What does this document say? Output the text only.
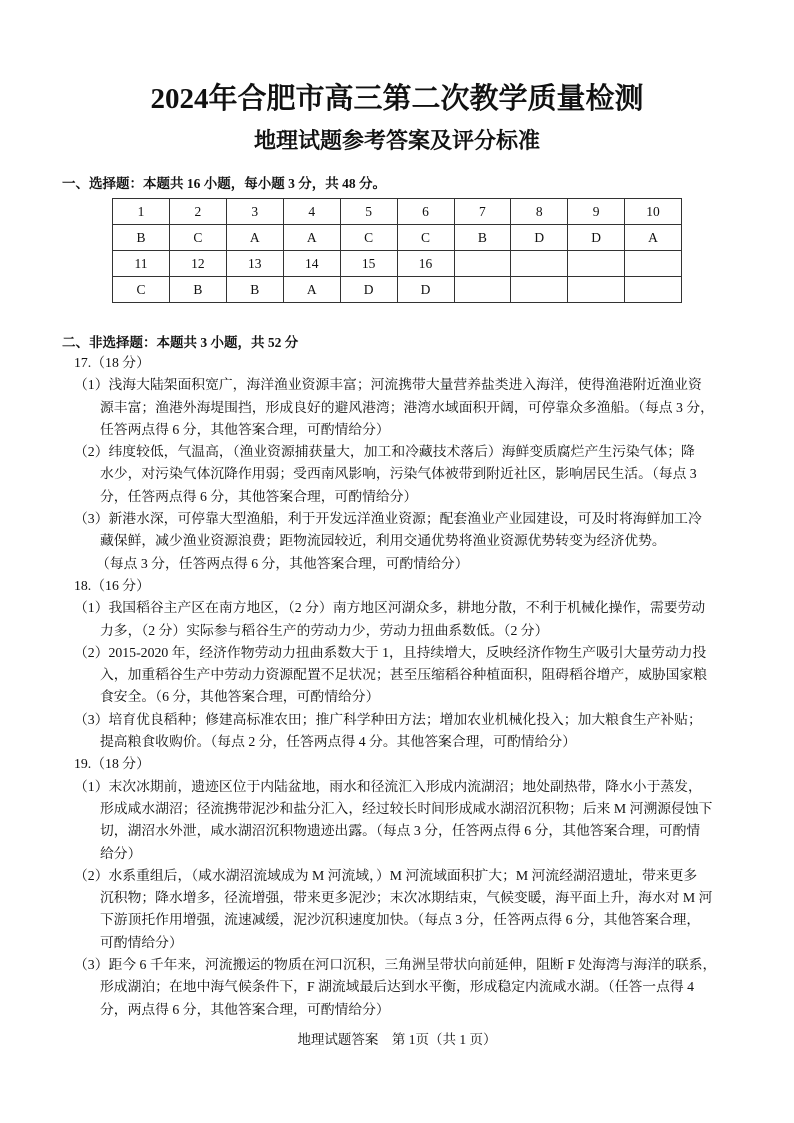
2024年合肥市高三第二次教学质量检测
地理试题参考答案及评分标准
一、选择题：本题共 16 小题，每小题 3 分，共 48 分。
1	2	3	4	5	6	7	8	9	10
B	C	A	A	C	C	B	D	D	A
11	12	13	14	15	16				
C	B	B	A	D	D				
二、非选择题：本题共 3 小题，共 52 分
17.（18 分）
（1）浅海大陆架面积宽广，海洋渔业资源丰富；河流携带大量营养盐类进入海洋，使得渔港附近渔业资
源丰富；渔港外海堤围挡，形成良好的避风港湾；港湾水域面积开阔，可停靠众多渔船。（每点 3 分，
任答两点得 6 分，其他答案合理，可酌情给分）
（2）纬度较低，气温高，（渔业资源捕获量大，加工和冷藏技术落后）海鲜变质腐烂产生污染气体；降
水少，对污染气体沉降作用弱；受西南风影响，污染气体被带到附近社区，影响居民生活。（每点 3
分，任答两点得 6 分，其他答案合理，可酌情给分）
（3）新港水深，可停靠大型渔船，利于开发远洋渔业资源；配套渔业产业园建设，可及时将海鲜加工冷
藏保鲜，减少渔业资源浪费；距物流园较近，利用交通优势将渔业资源优势转变为经济优势。
（每点 3 分，任答两点得 6 分，其他答案合理，可酌情给分）
18.（16 分）
（1）我国稻谷主产区在南方地区，（2 分）南方地区河湖众多，耕地分散，不利于机械化操作，需要劳动
力多，（2 分）实际参与稻谷生产的劳动力少，劳动力扭曲系数低。（2 分）
（2）2015-2020 年，经济作物劳动力扭曲系数大于 1，且持续增大，反映经济作物生产吸引大量劳动力投
入，加重稻谷生产中劳动力资源配置不足状况；甚至压缩稻谷种植面积，阻碍稻谷增产，威胁国家粮
食安全。（6 分，其他答案合理，可酌情给分）
（3）培育优良稻种；修建高标准农田；推广科学种田方法；增加农业机械化投入；加大粮食生产补贴；
提高粮食收购价。（每点 2 分，任答两点得 4 分。其他答案合理，可酌情给分）
19.（18 分）
（1）末次冰期前，遗迹区位于内陆盆地，雨水和径流汇入形成内流湖沼；地处副热带，降水小于蒸发，
形成咸水湖沼；径流携带泥沙和盐分汇入，经过较长时间形成咸水湖沼沉积物；后来 M 河溯源侵蚀下
切，湖沼水外泄，咸水湖沼沉积物遗迹出露。（每点 3 分，任答两点得 6 分，其他答案合理，可酌情
给分）
（2）水系重组后，（咸水湖沼流域成为 M 河流域，）M 河流域面积扩大；M 河流经湖沼遗址，带来更多
沉积物；降水增多，径流增强，带来更多泥沙；末次冰期结束，气候变暖，海平面上升，海水对 M 河
下游顶托作用增强，流速减缓，泥沙沉积速度加快。（每点 3 分，任答两点得 6 分，其他答案合理，
可酌情给分）
（3）距今 6 千年来，河流搬运的物质在河口沉积，三角洲呈带状向前延伸，阻断 F 处海湾与海洋的联系，
形成湖泊；在地中海气候条件下，F 湖流域最后达到水平衡，形成稳定内流咸水湖。（任答一点得 4
分，两点得 6 分，其他答案合理，可酌情给分）
地理试题答案　第 1页（共 1 页）
